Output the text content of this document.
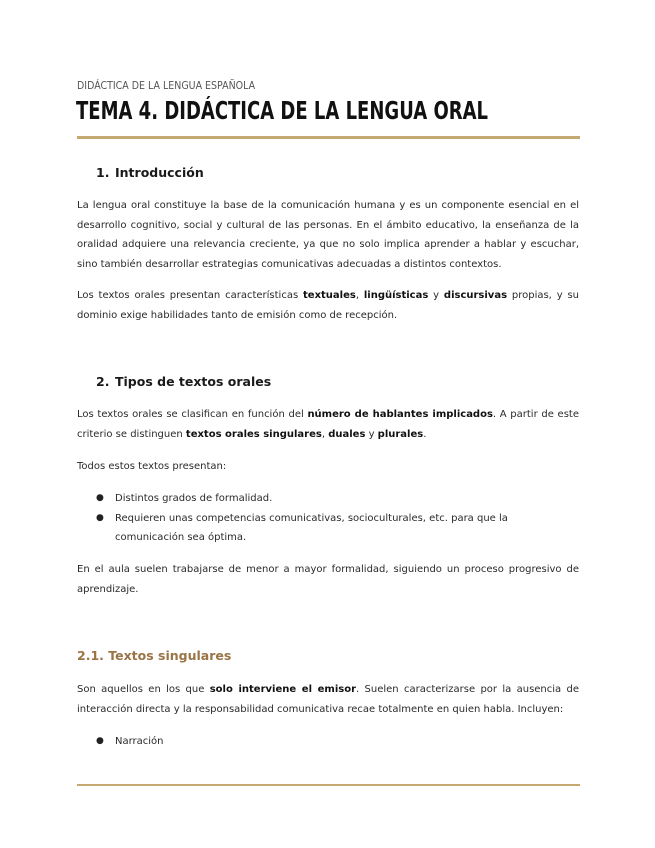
DIDÁCTICA DE LA LENGUA ESPAÑOLA
TEMA 4. DIDÁCTICA DE LA LENGUA ORAL
1. Introducción

La lengua oral constituye la base de la comunicación humana y es un componente esencial en el desarrollo cognitivo, social y cultural de las personas. En el ámbito educativo, la enseñanza de la oralidad adquiere una relevancia creciente, ya que no solo implica aprender a hablar y escuchar, sino también desarrollar estrategias comunicativas adecuadas a distintos contextos.

Los textos orales presentan características textuales, lingüísticas y discursivas propias, y su dominio exige habilidades tanto de emisión como de recepción.

2. Tipos de textos orales

Los textos orales se clasifican en función del número de hablantes implicados. A partir de este criterio se distinguen textos orales singulares, duales y plurales.

Todos estos textos presentan:

● Distintos grados de formalidad.
● Requieren unas competencias comunicativas, socioculturales, etc. para que la comunicación sea óptima.

En el aula suelen trabajarse de menor a mayor formalidad, siguiendo un proceso progresivo de aprendizaje.

2.1. Textos singulares

Son aquellos en los que solo interviene el emisor. Suelen caracterizarse por la ausencia de interacción directa y la responsabilidad comunicativa recae totalmente en quien habla. Incluyen:

● Narración
